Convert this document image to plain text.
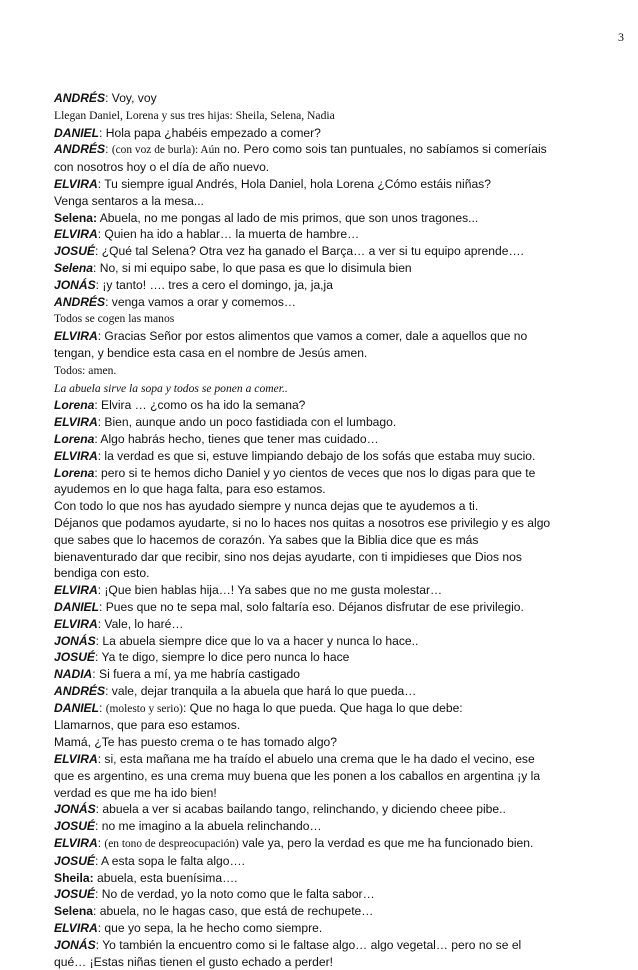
3

ANDRÉS: Voy, voy

Llegan Daniel, Lorena y sus tres hijas: Sheila, Selena, Nadia

DANIEL: Hola papa ¿habéis empezado a comer?

ANDRÉS: (con voz de burla): Aún no. Pero como sois tan puntuales, no sabíamos si comeríais

con nosotros hoy o el día de año nuevo.

ELVIRA: Tu siempre igual Andrés, Hola Daniel, hola Lorena ¿Cómo estáis niñas?

Venga sentaros a la mesa...

Selena: Abuela, no me pongas al lado de mis primos, que son unos tragones...

ELVIRA: Quien ha ido a hablar… la muerta de hambre…

JOSUÉ: ¿Qué tal Selena? Otra vez ha ganado el Barça… a ver si tu equipo aprende….

Selena: No, si mi equipo sabe, lo que pasa es que lo disimula bien

JONÁS: ¡y tanto! …. tres a cero el domingo, ja, ja,ja

ANDRÉS: venga vamos a orar y comemos…

Todos se cogen las manos

ELVIRA: Gracias Señor por estos alimentos que vamos a comer, dale a aquellos que no

tengan, y bendice esta casa en el nombre de Jesús amen.

Todos: amen.

La abuela sirve la sopa y todos se ponen a comer..

Lorena: Elvira … ¿como os ha ido la semana?

ELVIRA: Bien, aunque ando un poco fastidiada con el lumbago.

Lorena: Algo habrás hecho, tienes que tener mas cuidado…

ELVIRA: la verdad es que si, estuve limpiando debajo de los sofás que estaba muy sucio.

Lorena: pero si te hemos dicho Daniel y yo cientos de veces que nos lo digas para que te

ayudemos en lo que haga falta, para eso estamos.

Con todo lo que nos has ayudado siempre y nunca dejas que te ayudemos a ti.

Déjanos que podamos ayudarte, si no lo haces nos quitas a nosotros ese privilegio y es algo

que sabes que lo hacemos de corazón. Ya sabes que la Biblia dice que es más

bienaventurado dar que recibir, sino nos dejas ayudarte, con ti impidieses que Dios nos

bendiga con esto.

ELVIRA: ¡Que bien hablas hija…! Ya sabes que no me gusta molestar…

DANIEL: Pues que no te sepa mal, solo faltaría eso. Déjanos disfrutar de ese privilegio.

ELVIRA: Vale, lo haré…

JONÁS: La abuela siempre dice que lo va a hacer y nunca lo hace..

JOSUÉ: Ya te digo, siempre lo dice pero nunca lo hace

NADIA: Si fuera a mí, ya me habría castigado

ANDRÉS: vale, dejar tranquila a la abuela que hará lo que pueda…

DANIEL: (molesto y serio): Que no haga lo que pueda. Que haga lo que debe:

Llamarnos, que para eso estamos.

Mamá, ¿Te has puesto crema o te has tomado algo?

ELVIRA: si, esta mañana me ha traído el abuelo una crema que le ha dado el vecino, ese

que es argentino, es una crema muy buena que les ponen a los caballos en argentina ¡y la

verdad es que me ha ido bien!

JONÁS: abuela a ver si acabas bailando tango, relinchando, y diciendo cheee pibe..

JOSUÉ: no me imagino a la abuela relinchando…

ELVIRA: (en tono de despreocupación) vale ya, pero la verdad es que me ha funcionado bien.

JOSUÉ: A esta sopa le falta algo….

Sheila: abuela, esta buenísima….

JOSUÉ: No de verdad, yo la noto como que le falta sabor…

Selena: abuela, no le hagas caso, que está de rechupete…

ELVIRA: que yo sepa, la he hecho como siempre.

JONÁS: Yo también la encuentro como si le faltase algo… algo vegetal… pero no se el

qué… ¡Estas niñas tienen el gusto echado a perder!
